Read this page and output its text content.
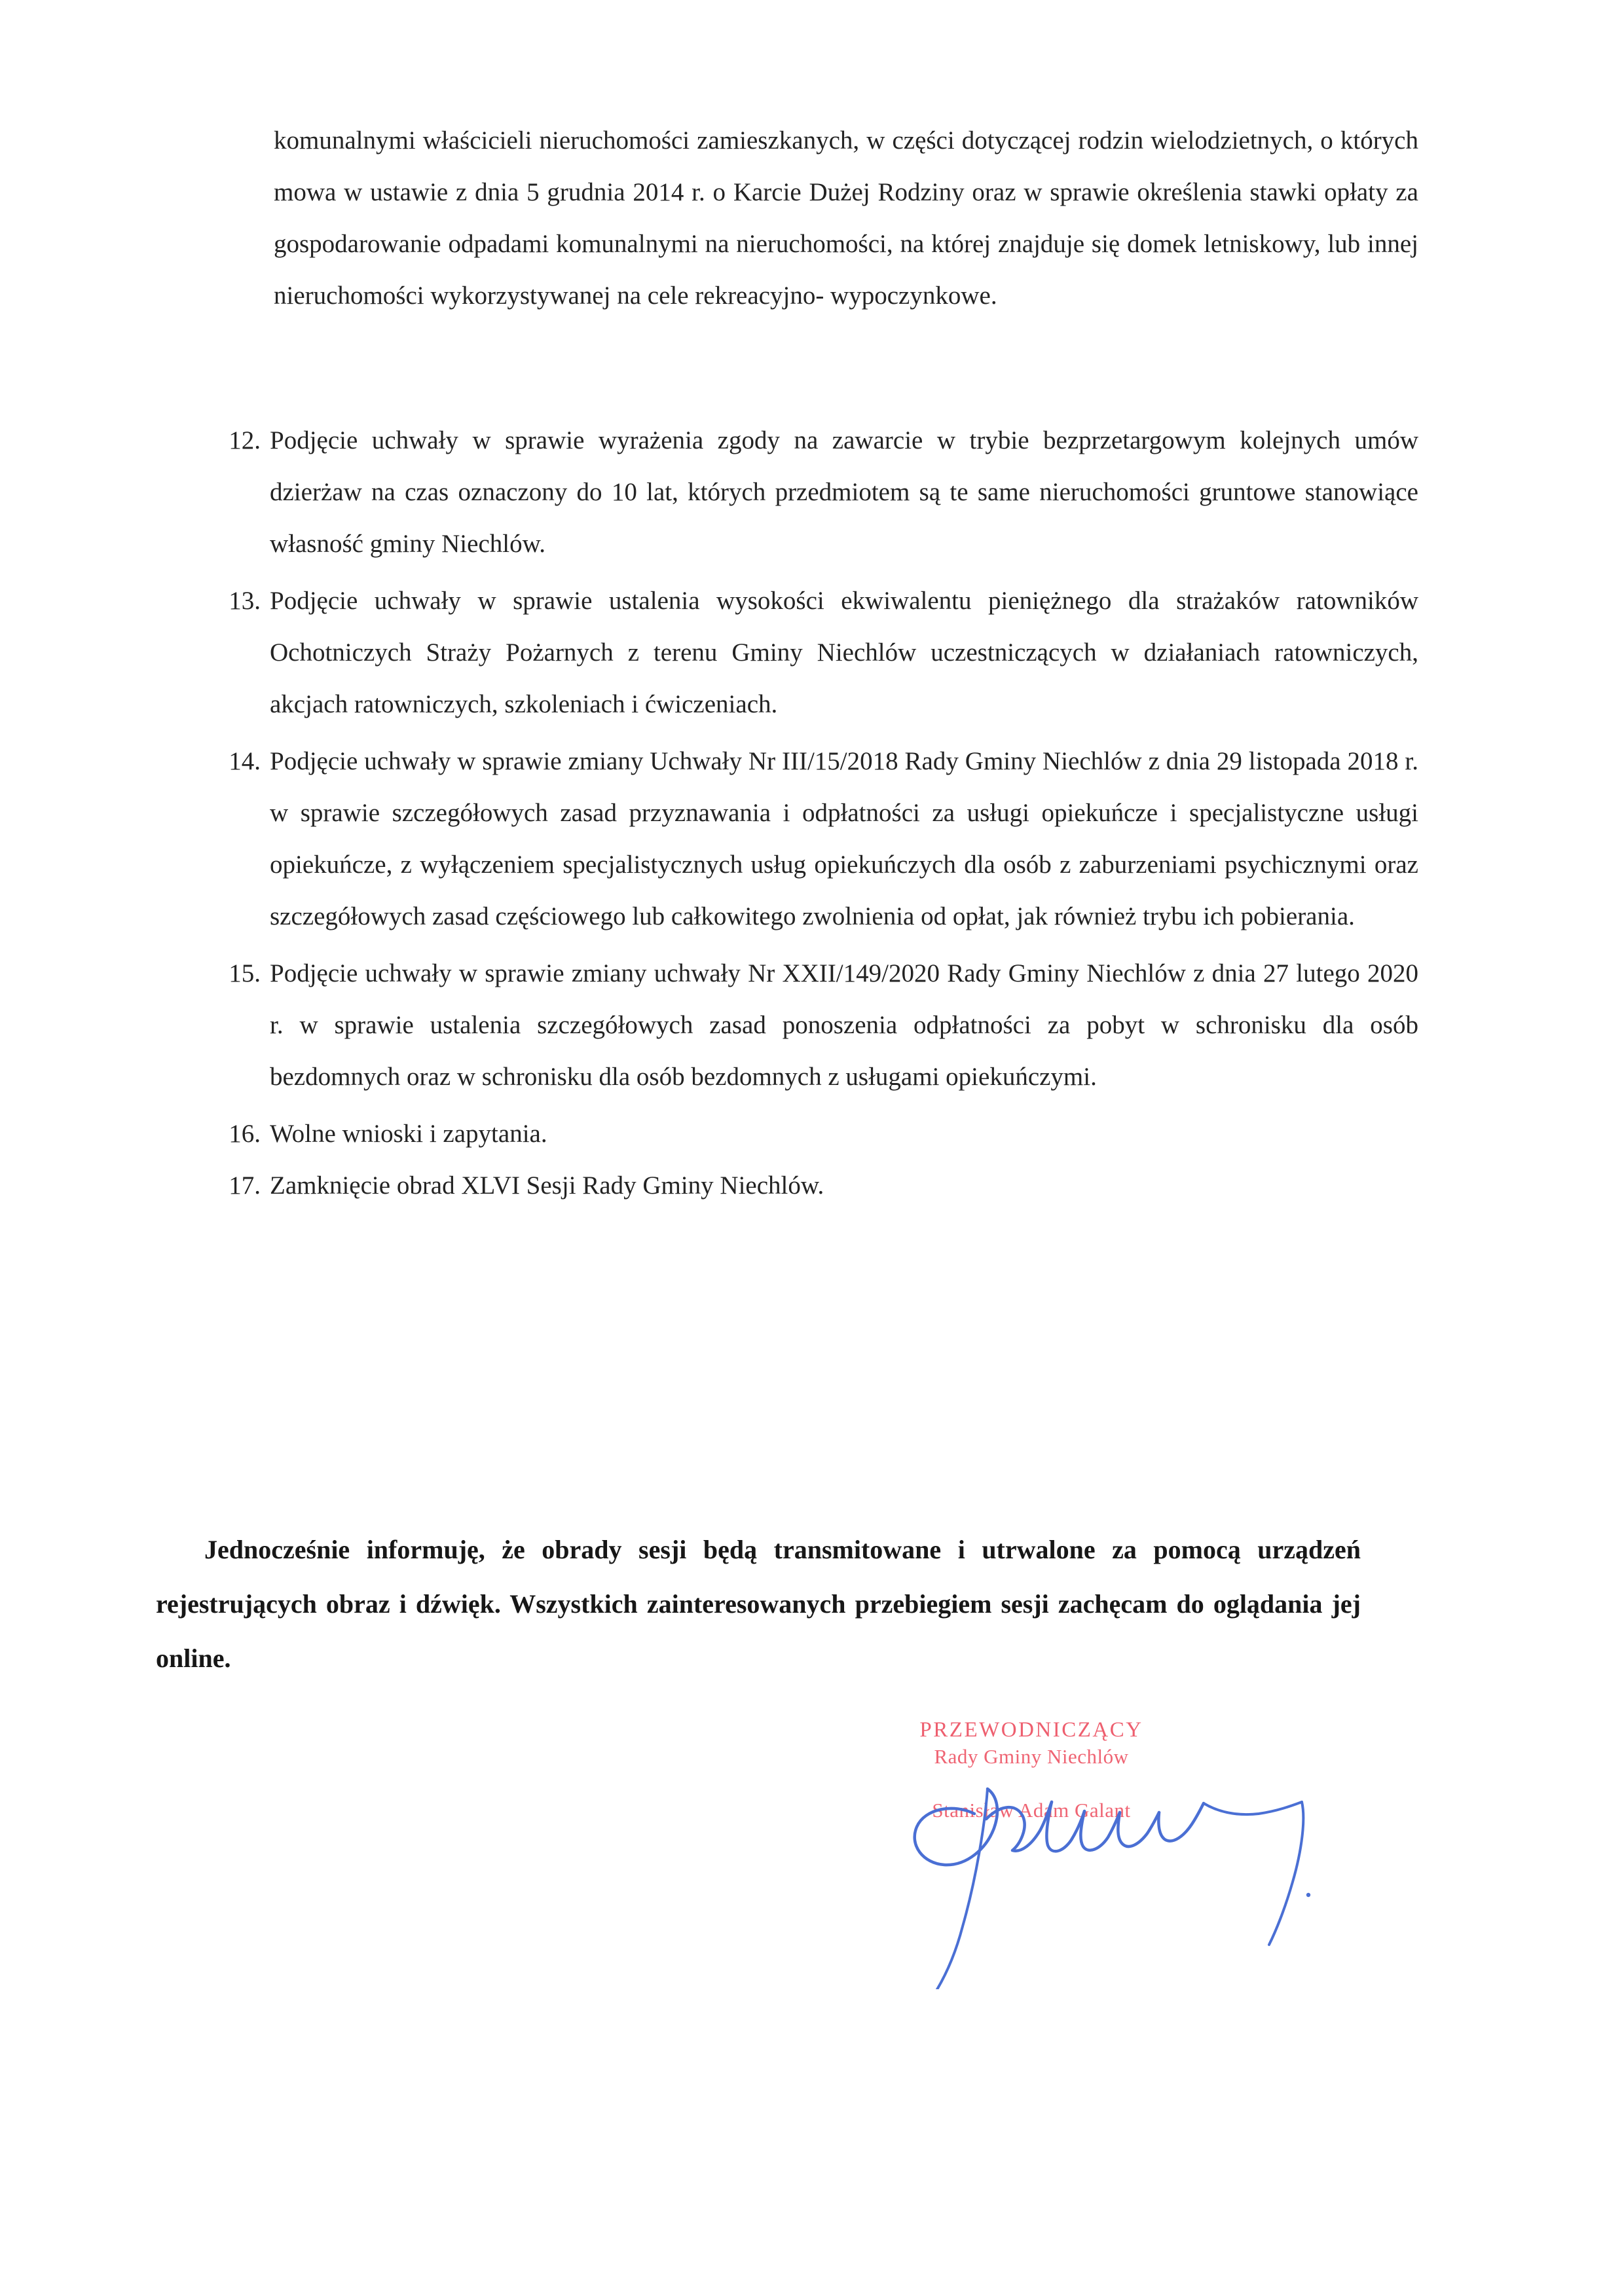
komunalnymi właścicieli nieruchomości zamieszkanych, w części dotyczącej rodzin wielodzietnych, o których mowa w ustawie z dnia 5 grudnia 2014 r. o Karcie Dużej Rodziny oraz w sprawie określenia stawki opłaty za gospodarowanie odpadami komunalnymi na nieruchomości, na której znajduje się domek letniskowy, lub innej nieruchomości wykorzystywanej na cele rekreacyjno- wypoczynkowe.

12. Podjęcie uchwały w sprawie wyrażenia zgody na zawarcie w trybie bezprzetargowym kolejnych umów dzierżaw na czas oznaczony do 10 lat, których przedmiotem są te same nieruchomości gruntowe stanowiące własność gminy Niechlów.
13. Podjęcie uchwały w sprawie ustalenia wysokości ekwiwalentu pieniężnego dla strażaków ratowników Ochotniczych Straży Pożarnych z terenu Gminy Niechlów uczestniczących w działaniach ratowniczych, akcjach ratowniczych, szkoleniach i ćwiczeniach.
14. Podjęcie uchwały w sprawie zmiany Uchwały Nr III/15/2018 Rady Gminy Niechlów z dnia 29 listopada 2018 r. w sprawie szczegółowych zasad przyznawania i odpłatności za usługi opiekuńcze i specjalistyczne usługi opiekuńcze, z wyłączeniem specjalistycznych usług opiekuńczych dla osób z zaburzeniami psychicznymi oraz szczegółowych zasad częściowego lub całkowitego zwolnienia od opłat, jak również trybu ich pobierania.
15. Podjęcie uchwały w sprawie zmiany uchwały Nr XXII/149/2020 Rady Gminy Niechlów z dnia 27 lutego 2020 r. w sprawie ustalenia szczegółowych zasad ponoszenia odpłatności za pobyt w schronisku dla osób bezdomnych oraz w schronisku dla osób bezdomnych z usługami opiekuńczymi.
16. Wolne wnioski i zapytania.
17. Zamknięcie obrad XLVI Sesji Rady Gminy Niechlów.
Jednocześnie informuję, że obrady sesji będą transmitowane i utrwalone za pomocą urządzeń rejestrujących obraz i dźwięk. Wszystkich zainteresowanych przebiegiem sesji zachęcam do oglądania jej online.
PRZEWODNICZĄCY
Rady Gminy Niechlów
Stanisław Adam Galant
